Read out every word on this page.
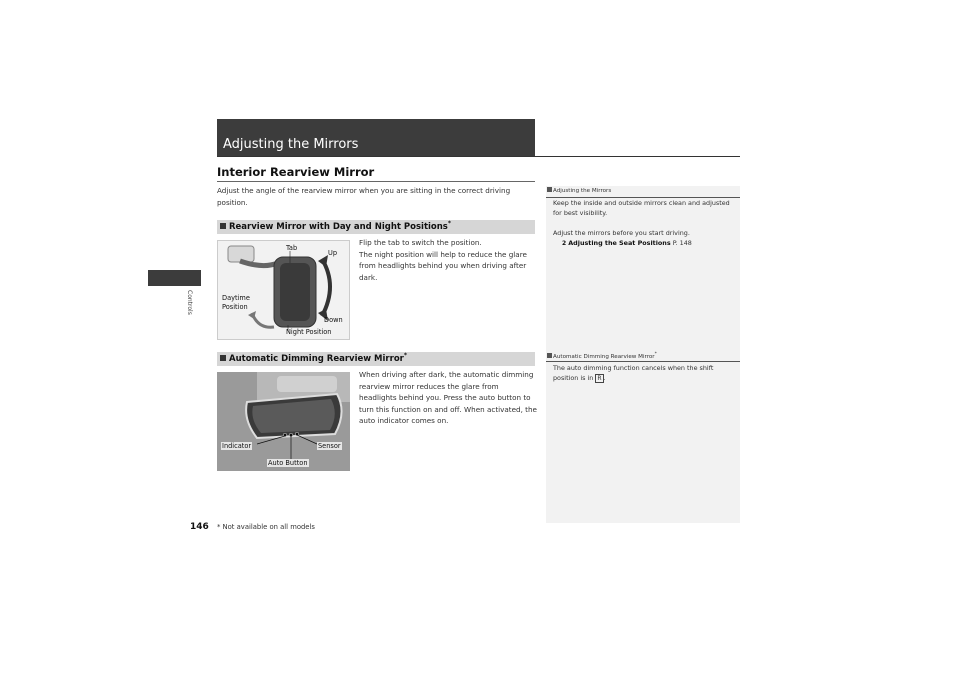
Adjusting the Mirrors
Controls
Interior Rearview Mirror
Adjust the angle of the rearview mirror when you are sitting in the correct driving position.
Rearview Mirror with Day and Night Positions*
Tab
Up
Daytime
Position
Down
Night Position
Flip the tab to switch the position.
The night position will help to reduce the glare from headlights behind you when driving after dark.
Automatic Dimming Rearview Mirror*
Indicator	Sensor
Auto Button
When driving after dark, the automatic dimming rearview mirror reduces the glare from headlights behind you. Press the auto button to turn this function on and off. When activated, the auto indicator comes on.
Adjusting the Mirrors
Keep the inside and outside mirrors clean and adjusted for best visibility.
Adjust the mirrors before you start driving.
2 Adjusting the Seat Positions P. 148
Automatic Dimming Rearview Mirror*
The auto dimming function cancels when the shift position is in R .
146 * Not available on all models
